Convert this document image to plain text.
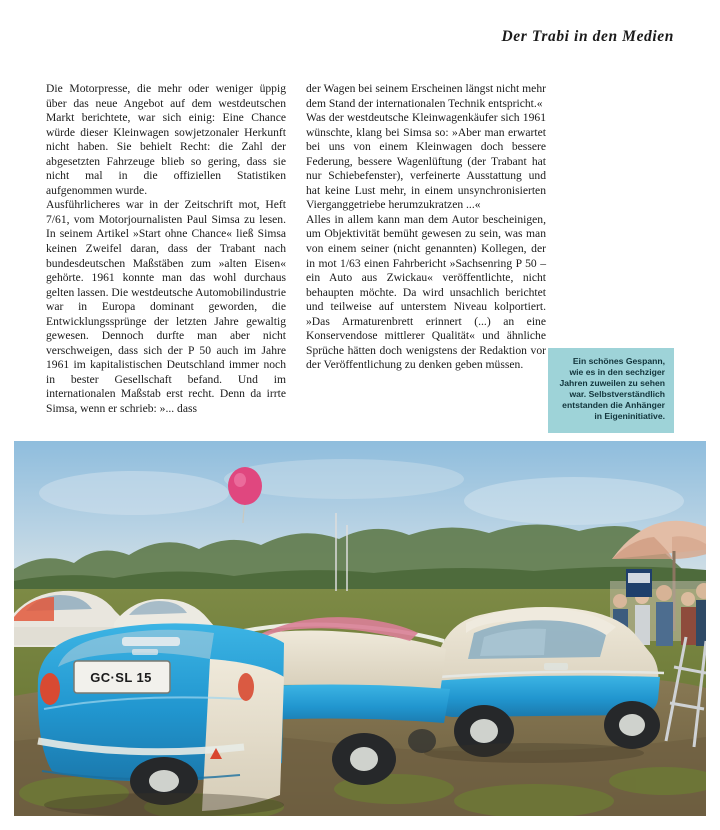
Der Trabi in den Medien

Die Motorpresse, die mehr oder weniger üppig über das neue Angebot auf dem westdeutschen Markt berichtete, war sich einig: Eine Chance würde dieser Kleinwagen sowjetzonaler Herkunft nicht haben. Sie behielt Recht: die Zahl der abgesetzten Fahrzeuge blieb so gering, dass sie nicht mal in die offiziellen Statistiken aufgenommen wurde.

Ausführlicheres war in der Zeitschrift mot, Heft 7/61, vom Motorjournalisten Paul Simsa zu lesen. In seinem Artikel »Start ohne Chance« ließ Simsa keinen Zweifel daran, dass der Trabant nach bundesdeutschen Maßstäben zum »alten Eisen« gehörte. 1961 konnte man das wohl durchaus gelten lassen. Die westdeutsche Automobilindustrie war in Europa dominant geworden, die Entwicklungssprünge der letzten Jahre gewaltig gewesen. Dennoch durfte man aber nicht verschweigen, dass sich der P 50 auch im Jahre 1961 im kapitalistischen Deutschland immer noch in bester Gesellschaft befand. Und im internationalen Maßstab erst recht. Denn da irrte Simsa, wenn er schrieb: »... dass

der Wagen bei seinem Erscheinen längst nicht mehr dem Stand der internationalen Technik entspricht.«

Was der westdeutsche Kleinwagenkäufer sich 1961 wünschte, klang bei Simsa so: »Aber man erwartet bei uns von einem Kleinwagen doch bessere Federung, bessere Wagenlüftung (der Trabant hat nur Schiebefenster), verfeinerte Ausstattung und hat keine Lust mehr, in einem unsynchronisierten Vierganggetriebe herumzukratzen ...«

Alles in allem kann man dem Autor bescheinigen, um Objektivität bemüht gewesen zu sein, was man von einem seiner (nicht genannten) Kollegen, der in mot 1/63 einen Fahrbericht »Sachsenring P 50 – ein Auto aus Zwickau« veröffentlichte, nicht behaupten möchte. Da wird unsachlich berichtet und teilweise auf unterstem Niveau kolportiert. »Das Armaturenbrett erinnert (...) an eine Konservendose mittlerer Qualität« und ähnliche Sprüche hätten doch wenigstens der Redaktion vor der Veröffentlichung zu denken geben müssen.	Ein schönes Gespann, wie es in den sechziger Jahren zuweilen zu sehen war. Selbstverständlich entstanden die Anhänger in Eigeninitiative.
GC·SL 15
